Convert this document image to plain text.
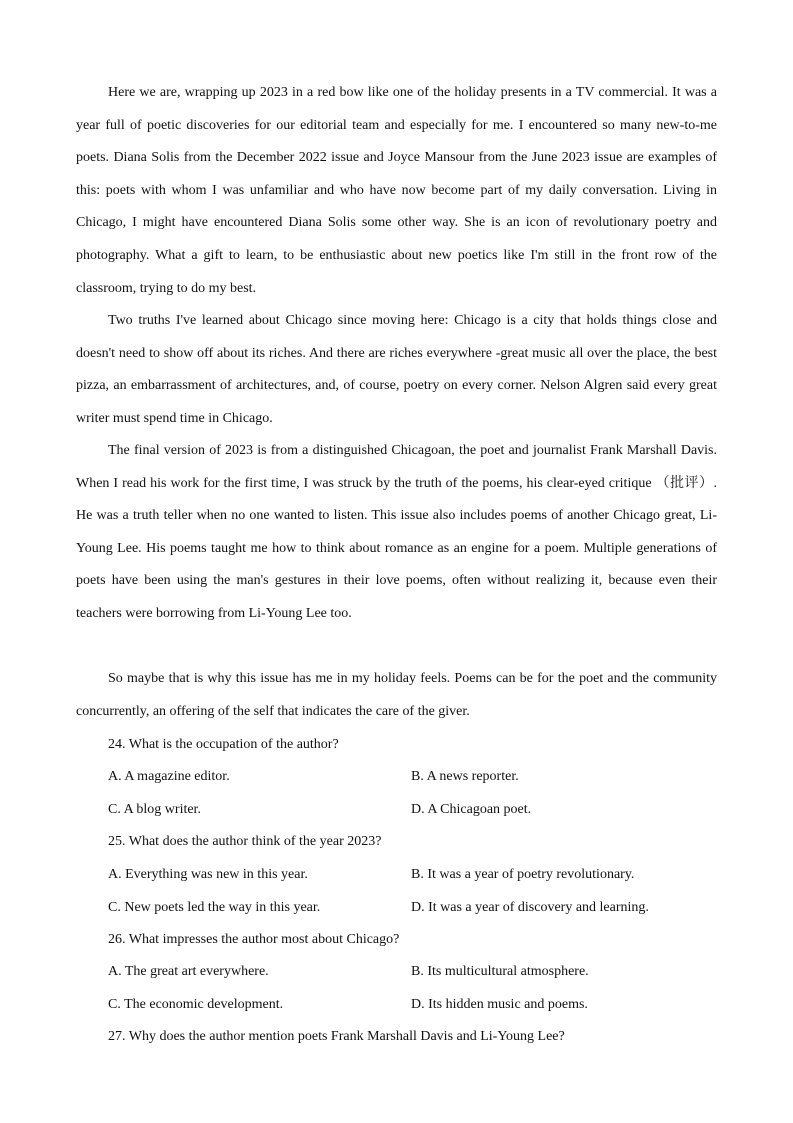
Here we are, wrapping up 2023 in a red bow like one of the holiday presents in a TV commercial. It was a year full of poetic discoveries for our editorial team and especially for me. I encountered so many new-to-me poets. Diana Solis from the December 2022 issue and Joyce Mansour from the June 2023 issue are examples of this: poets with whom I was unfamiliar and who have now become part of my daily conversation. Living in Chicago, I might have encountered Diana Solis some other way. She is an icon of revolutionary poetry and photography. What a gift to learn, to be enthusiastic about new poetics like I'm still in the front row of the classroom, trying to do my best.

Two truths I've learned about Chicago since moving here: Chicago is a city that holds things close and doesn't need to show off about its riches. And there are riches everywhere -great music all over the place, the best pizza, an embarrassment of architectures, and, of course, poetry on every corner. Nelson Algren said every great writer must spend time in Chicago.

The final version of 2023 is from a distinguished Chicagoan, the poet and journalist Frank Marshall Davis. When I read his work for the first time, I was struck by the truth of the poems, his clear-eyed critique （批评）. He was a truth teller when no one wanted to listen. This issue also includes poems of another Chicago great, Li-Young Lee. His poems taught me how to think about romance as an engine for a poem. Multiple generations of poets have been using the man's gestures in their love poems, often without realizing it, because even their teachers were borrowing from Li-Young Lee too.

So maybe that is why this issue has me in my holiday feels. Poems can be for the poet and the community concurrently, an offering of the self that indicates the care of the giver.

24. What is the occupation of the author?
A. A magazine editor.	B. A news reporter.
C. A blog writer.	D. A Chicagoan poet.
25. What does the author think of the year 2023?
A. Everything was new in this year.	B. It was a year of poetry revolutionary.
C. New poets led the way in this year.	D. It was a year of discovery and learning.
26. What impresses the author most about Chicago?
A. The great art everywhere.	B. Its multicultural atmosphere.
C. The economic development.	D. Its hidden music and poems.
27. Why does the author mention poets Frank Marshall Davis and Li-Young Lee?
